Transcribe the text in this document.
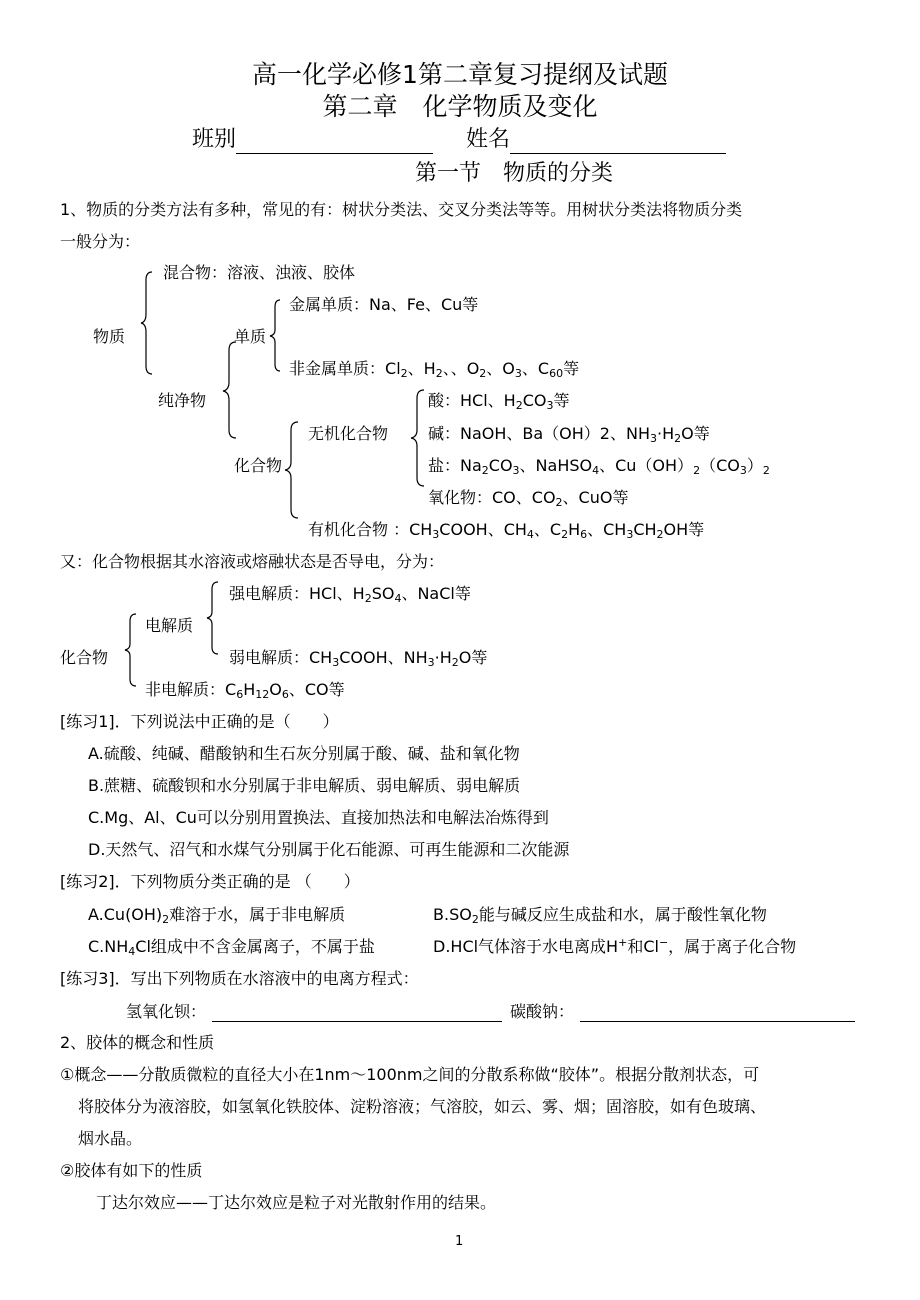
高一化学必修1第二章复习提纲及试题
第二章　化学物质及变化
班别	姓名
第一节　物质的分类
1、物质的分类方法有多种，常见的有：树状分类法、交叉分类法等等。用树状分类法将物质分类
一般分为：
物质
混合物：溶液、浊液、胶体
纯净物
单质
金属单质：Na、Fe、Cu等
非金属单质：$Cl_2$、$H_2$、、$O_2$、$O_3$、$C_{60}$等
化合物
无机化合物
酸：HCl、$H_2CO_3$等
碱：NaOH、Ba（OH）2、$NH_3\cdot H_2O$等
盐：$Na_2CO_3$、NaHSO$_4$、$Cu(OH)_2(CO_3)_2$
氧化物：CO、$CO_2$、CuO等
有机化合物 ：$CH_3COOH$、$CH_4$、$C_2H_6$、$CH_3CH_2OH$等
又：化合物根据其水溶液或熔融状态是否导电，分为：
化合物
电解质
强电解质：HCl、$H_2SO_4$、NaCl等
弱电解质：$CH_3COOH$、$NH_3\cdot H_2O$等
非电解质：$C_6H_{12}O_6$、CO等
[练习1]．下列说法中正确的是（　　）
A.硫酸、纯碱、醋酸钠和生石灰分别属于酸、碱、盐和氧化物
B.蔗糖、硫酸钡和水分别属于非电解质、弱电解质、弱电解质
C.Mg、Al、Cu可以分别用置换法、直接加热法和电解法冶炼得到
D.天然气、沼气和水煤气分别属于化石能源、可再生能源和二次能源
[练习2]．下列物质分类正确的是 （　　）
$A.Cu(OH)_2$难溶于水，属于非电解质	$B.SO_2$能与碱反应生成盐和水，属于酸性氧化物
$C.NH_4Cl$组成中不含金属离子，不属于盐	D.HCl气体溶于水电离成H+和Cl−，属于离子化合物
[练习3]．写出下列物质在水溶液中的电离方程式：
氢氧化钡：	碳酸钠：
2、胶体的概念和性质
①概念——分散质微粒的直径大小在1nm～100nm之间的分散系称做“胶体”。根据分散剂状态，可
将胶体分为液溶胶，如氢氧化铁胶体、淀粉溶液；气溶胶，如云、雾、烟；固溶胶，如有色玻璃、
烟水晶。
②胶体有如下的性质
丁达尔效应——丁达尔效应是粒子对光散射作用的结果。
1
